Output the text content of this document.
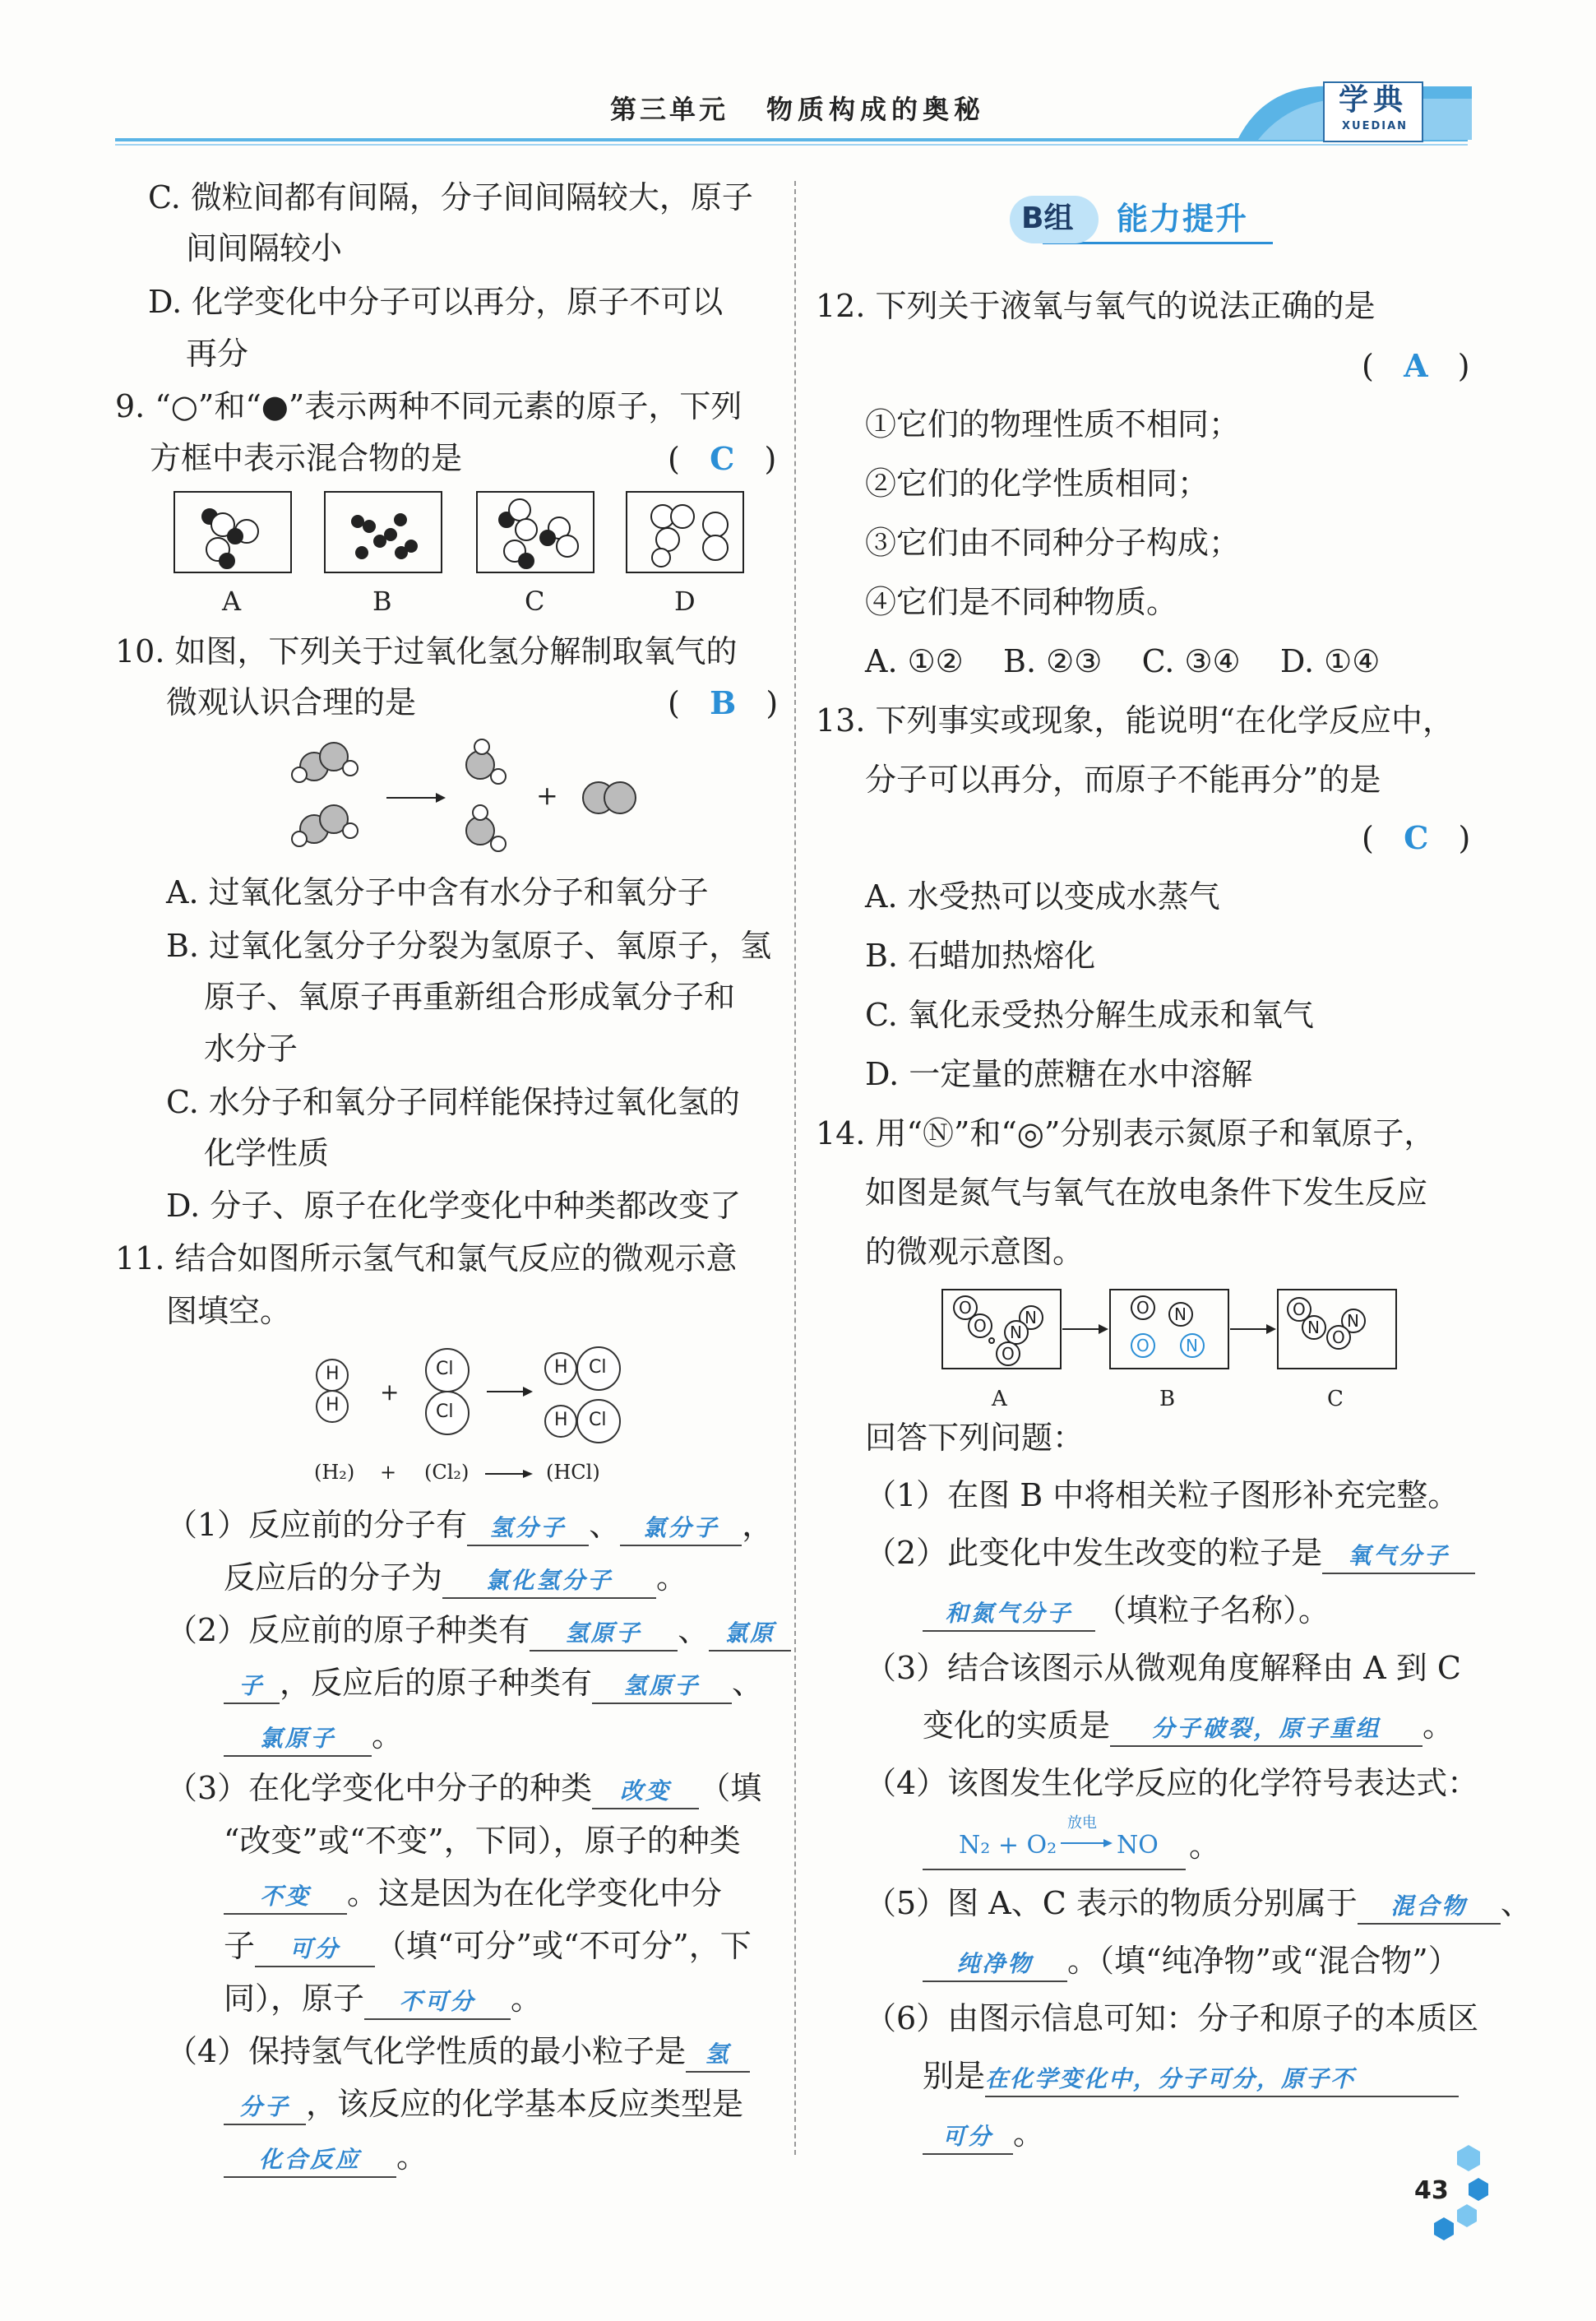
第三单元 物质构成的奥秘	学典
XUEDIAN
C. 微粒间都有间隔，分子间间隔较大，原子
间间隔较小
D. 化学变化中分子可以再分，原子不可以
再分
9. “○”和“●”表示两种不同元素的原子，下列
方框中表示混合物的是	(   C   )
A	B	C	D
10. 如图，下列关于过氧化氢分解制取氧气的
微观认识合理的是	(   B   )
+
A. 过氧化氢分子中含有水分子和氧分子
B. 过氧化氢分子分裂为氢原子、氧原子，氢
原子、氧原子再重新组合形成氧分子和
水分子
C. 水分子和氧分子同样能保持过氧化氢的
化学性质
D. 分子、原子在化学变化中种类都改变了
11. 结合如图所示氢气和氯气反应的微观示意
图填空。
H
H +
Cl
Cl
H Cl
H Cl
(H₂) + (Cl₂)	(HCl)
（1）反应前的分子有 氢分子 、 氯分子 ，
反应后的分子为 氯化氢分子 。
（2）反应前的原子种类有 氢原子 、 氯原
子 ，反应后的原子种类有 氢原子 、
氯原子 。
（3）在化学变化中分子的种类 改变 （填
“改变”或“不变”，下同），原子的种类
不变 。这是因为在化学变化中分
子 可分 （填“可分”或“不可分”，下
同），原子 不可分 。
（4）保持氢气化学性质的最小粒子是 氢
分子 ，该反应的化学基本反应类型是
化合反应 。
B组 能力提升
12. 下列关于液氧与氧气的说法正确的是
(   A   )
①它们的物理性质不相同；
②它们的化学性质相同；
③它们由不同种分子构成；
④它们是不同种物质。
A. ①②    B. ②③    C. ③④    D. ①④
13. 下列事实或现象，能说明“在化学反应中，
分子可以再分，而原子不能再分”的是
(   C   )
A. 水受热可以变成水蒸气
B. 石蜡加热熔化
C. 氧化汞受热分解生成汞和氧气
D. 一定量的蔗糖在水中溶解
14. 用“Ⓝ”和“◎”分别表示氮原子和氧原子，
如图是氮气与氧气在放电条件下发生反应
的微观示意图。
O
O N
N
O
O N
O N
O
N N
O
A	B	C
回答下列问题：
（1）在图 B 中将相关粒子图形补充完整。
（2）此变化中发生改变的粒子是 氧气分子
和氮气分子 （填粒子名称）。
（3）结合该图示从微观角度解释由 A 到 C
变化的实质是 分子破裂，原子重组 。
（4）该图发生化学反应的化学符号表达式：
N₂ + O₂
放电
NO 。
（5）图 A、C 表示的物质分别属于 混合物 、
纯净物 。（填“纯净物”或“混合物”）
（6）由图示信息可知：分子和原子的本质区
别是在化学变化中，分子可分，原子不
可分 。
43
